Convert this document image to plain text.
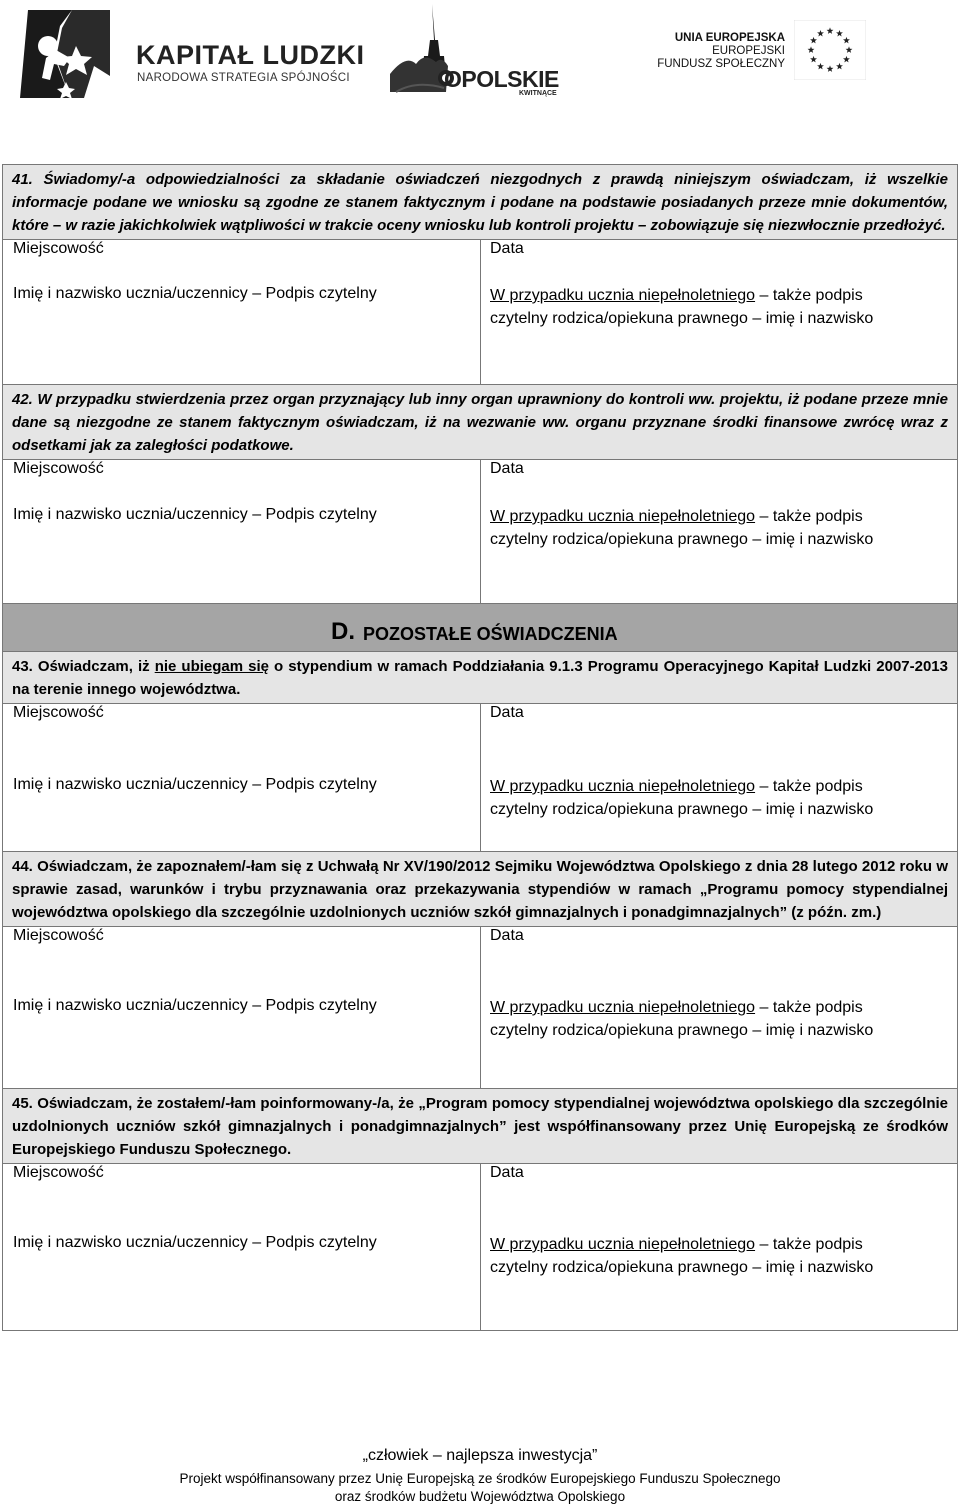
KAPITAŁ LUDZKI
NARODOWA STRATEGIA SPÓJNOŚCI	OPOLSKIE
KWITNĄCE
UNIA EUROPEJSKA
EUROPEJSKI
FUNDUSZ SPOŁECZNY
41. Świadomy/-a odpowiedzialności za składanie oświadczeń niezgodnych z prawdą niniejszym oświadczam, iż wszelkie informacje podane we wniosku są zgodne ze stanem faktycznym i podane na podstawie posiadanych przeze mnie dokumentów, które – w razie jakichkolwiek wątpliwości w trakcie oceny wniosku lub kontroli projektu – zobowiązuje się niezwłocznie przedłożyć.
Miejscowość	Data
Imię i nazwisko ucznia/uczennicy – Podpis czytelny	W przypadku ucznia niepełnoletniego – także podpis
czytelny rodzica/opiekuna prawnego – imię i nazwisko
42. W przypadku stwierdzenia przez organ przyznający lub inny organ uprawniony do kontroli ww. projektu, iż podane przeze mnie dane są niezgodne ze stanem faktycznym oświadczam, iż na wezwanie ww. organu przyznane środki finansowe zwrócę wraz z odsetkami jak za zaległości podatkowe.
Miejscowość	Data
Imię i nazwisko ucznia/uczennicy – Podpis czytelny	W przypadku ucznia niepełnoletniego – także podpis
czytelny rodzica/opiekuna prawnego – imię i nazwisko
D. POZOSTAŁE OŚWIADCZENIA
43. Oświadczam, iż nie ubiegam się o stypendium w ramach Poddziałania 9.1.3 Programu Operacyjnego Kapitał Ludzki 2007-2013 na terenie innego województwa.
Miejscowość	Data
Imię i nazwisko ucznia/uczennicy – Podpis czytelny	W przypadku ucznia niepełnoletniego – także podpis
czytelny rodzica/opiekuna prawnego – imię i nazwisko
44. Oświadczam, że zapoznałem/-łam się z Uchwałą Nr XV/190/2012 Sejmiku Województwa Opolskiego z dnia 28 lutego 2012 roku w sprawie zasad, warunków i trybu przyznawania oraz przekazywania stypendiów w ramach „Programu pomocy stypendialnej województwa opolskiego dla szczególnie uzdolnionych uczniów szkół gimnazjalnych i ponadgimnazjalnych” (z późn. zm.)
Miejscowość	Data
Imię i nazwisko ucznia/uczennicy – Podpis czytelny	W przypadku ucznia niepełnoletniego – także podpis
czytelny rodzica/opiekuna prawnego – imię i nazwisko
45. Oświadczam, że zostałem/-łam poinformowany-/a, że „Program pomocy stypendialnej województwa opolskiego dla szczególnie uzdolnionych uczniów szkół gimnazjalnych i ponadgimnazjalnych” jest współfinansowany przez Unię Europejską ze środków Europejskiego Funduszu Społecznego.
Miejscowość	Data
Imię i nazwisko ucznia/uczennicy – Podpis czytelny	W przypadku ucznia niepełnoletniego – także podpis
czytelny rodzica/opiekuna prawnego – imię i nazwisko
„człowiek – najlepsza inwestycja”
Projekt współfinansowany przez Unię Europejską ze środków Europejskiego Funduszu Społecznego
oraz środków budżetu Województwa Opolskiego
